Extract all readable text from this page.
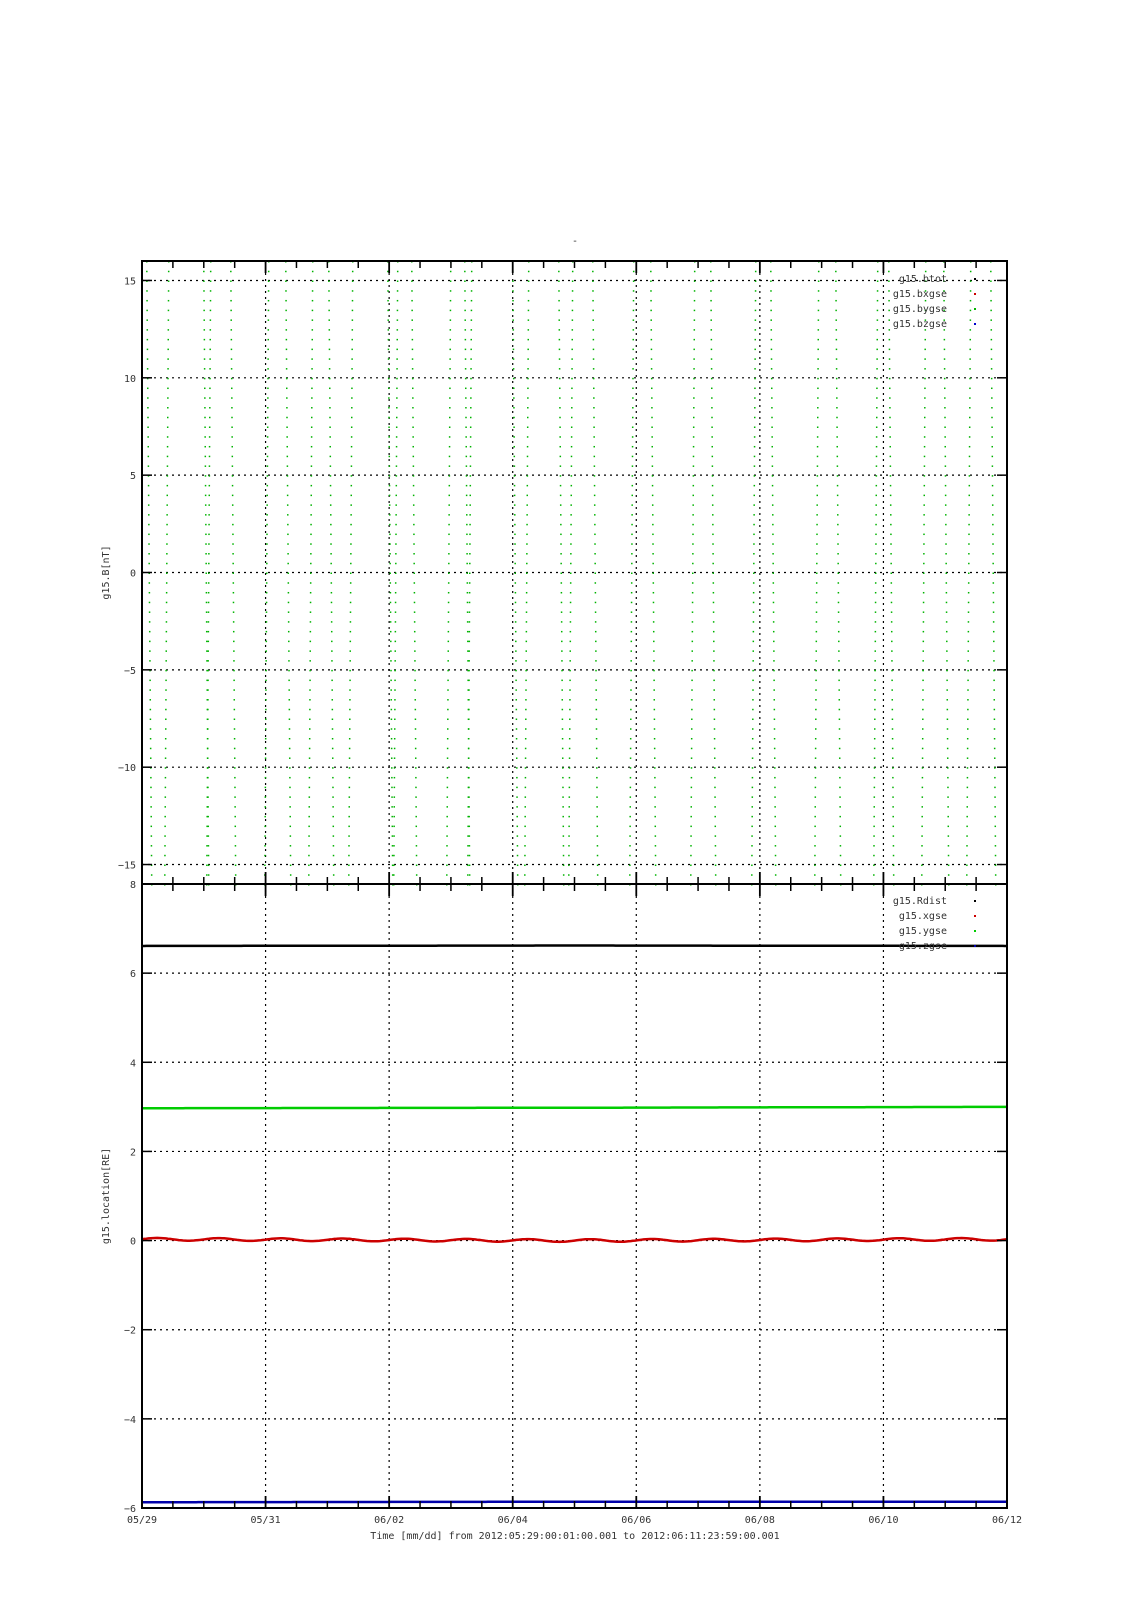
-
15
10
5
0
−5
−10
−15
g15.B[nT]
g15.btot
g15.bxgse
g15.bygse
g15.bzgse
8
6
4
2
0
−2
−4
−6
g15.location[RE]
g15.Rdist
g15.xgse
g15.ygse
g15.zgse
05/29	05/31	06/02	06/04	06/06	06/08	06/10	06/12
Time [mm/dd] from 2012:05:29:00:01:00.001 to 2012:06:11:23:59:00.001
